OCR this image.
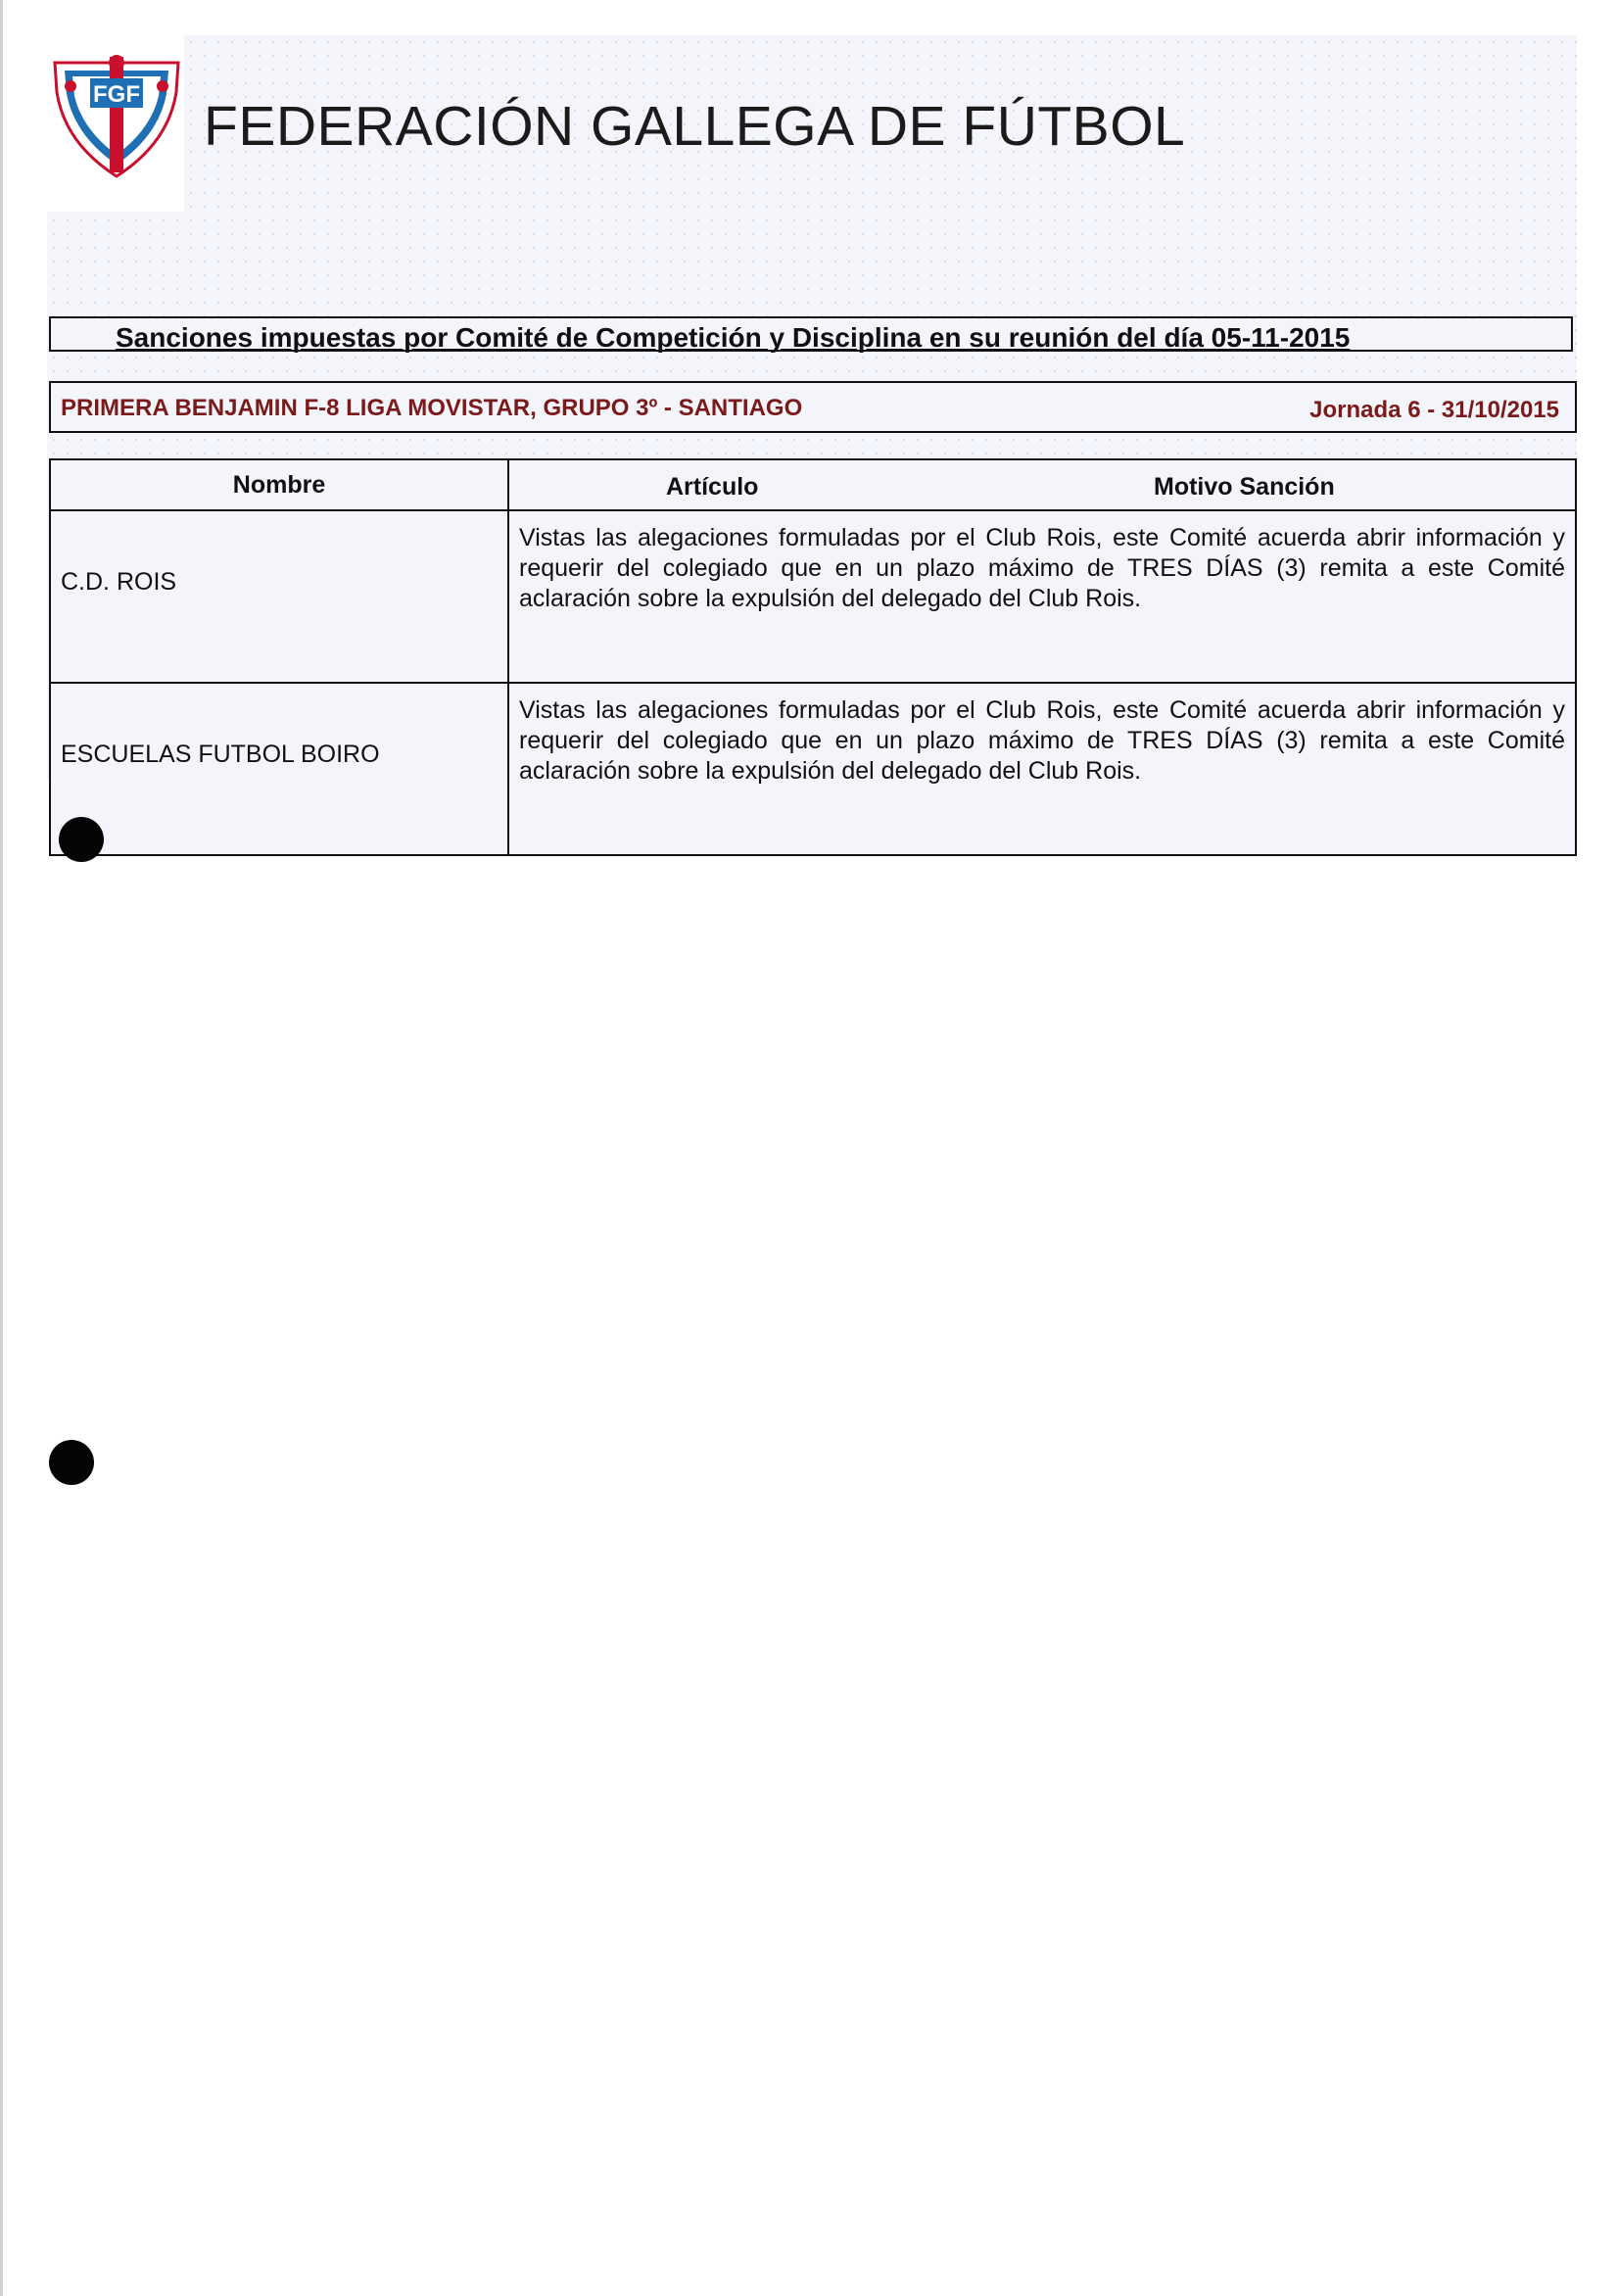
FGF
FEDERACIÓN GALLEGA DE FÚTBOL
Sanciones impuestas por Comité de Competición y Disciplina en su reunión del día 05-11-2015
PRIMERA BENJAMIN F-8 LIGA MOVISTAR, GRUPO 3º - SANTIAGO	Jornada 6 - 31/10/2015
Nombre	Artículo Motivo Sanción

C.D. ROIS	Vistas las alegaciones formuladas por el Club Rois, este Comité acuerda abrir información y requerir del colegiado que en un plazo máximo de TRES DÍAS (3) remita a este Comité aclaración sobre la expulsión del delegado del Club Rois.
ESCUELAS FUTBOL BOIRO	Vistas las alegaciones formuladas por el Club Rois, este Comité acuerda abrir información y requerir del colegiado que en un plazo máximo de TRES DÍAS (3) remita a este Comité aclaración sobre la expulsión del delegado del Club Rois.
